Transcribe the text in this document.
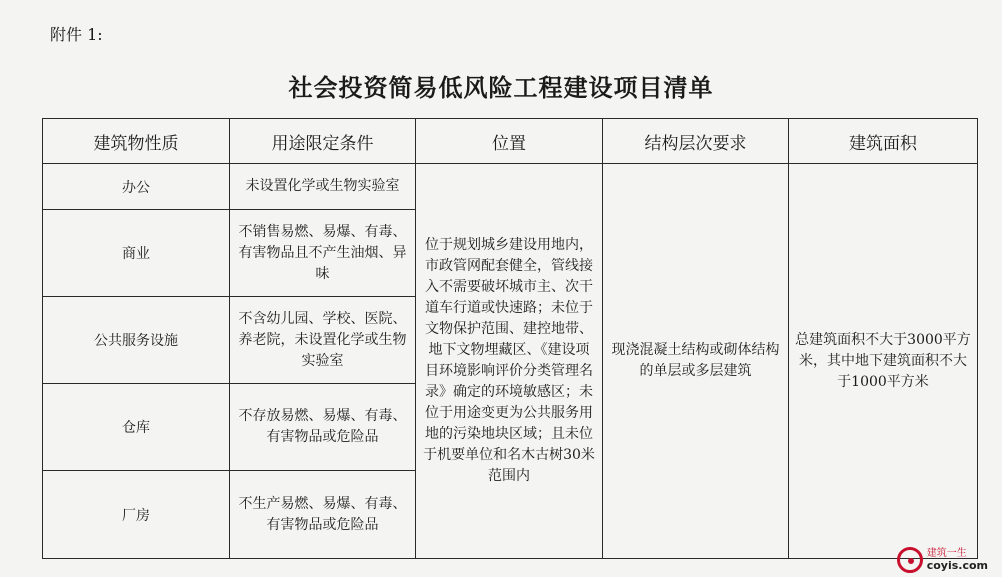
附件 1:
社会投资简易低风险工程建设项目清单
建筑物性质	用途限定条件	位置	结构层次要求	建筑面积
办公	未设置化学或生物实验室	位于规划城乡建设用地内，市政管网配套健全，管线接入不需要破坏城市主、次干道车行道或快速路；未位于文物保护范围、建控地带、地下文物埋藏区、《建设项目环境影响评价分类管理名录》确定的环境敏感区；未位于用途变更为公共服务用地的污染地块区域；且未位于机要单位和名木古树30米范围内	现浇混凝土结构或砌体结构的单层或多层建筑	总建筑面积不大于3000平方米，其中地下建筑面积不大于1000平方米
商业	不销售易燃、易爆、有毒、有害物品且不产生油烟、异味			
公共服务设施	不含幼儿园、学校、医院、养老院，未设置化学或生物实验室			
仓库	不存放易燃、易爆、有毒、有害物品或危险品			
厂房	不生产易燃、易爆、有毒、有害物品或危险品			
建筑一生
coyis.com
